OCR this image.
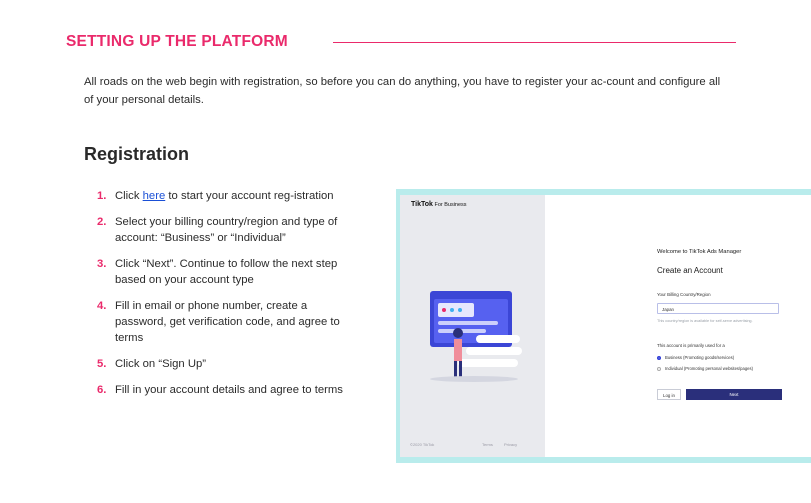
SETTING UP THE PLATFORM
All roads on the web begin with registration, so before you can do anything, you have to register your ac-count and configure all of your personal details.
Registration
1. Click here to start your account reg-istration
2. Select your billing country/region and type of account: “Business” or “Individual”
3. Click “Next”. Continue to follow the next step based on your account type
4. Fill in email or phone number, create a password, get verification code, and agree to terms
5. Click on “Sign Up”
6. Fill in your account details and agree to terms
TikTok For Business
©2020 TikTok	Terms	Privacy
Welcome to TikTok Ads Manager
Create an Account
Your Billing Country/Region
Japan
This country/region is available for self-serve advertising.
This account is primarily used for a
Business (Promoting goods/services)
Individual (Promoting personal websites/pages)
Log in	Next
